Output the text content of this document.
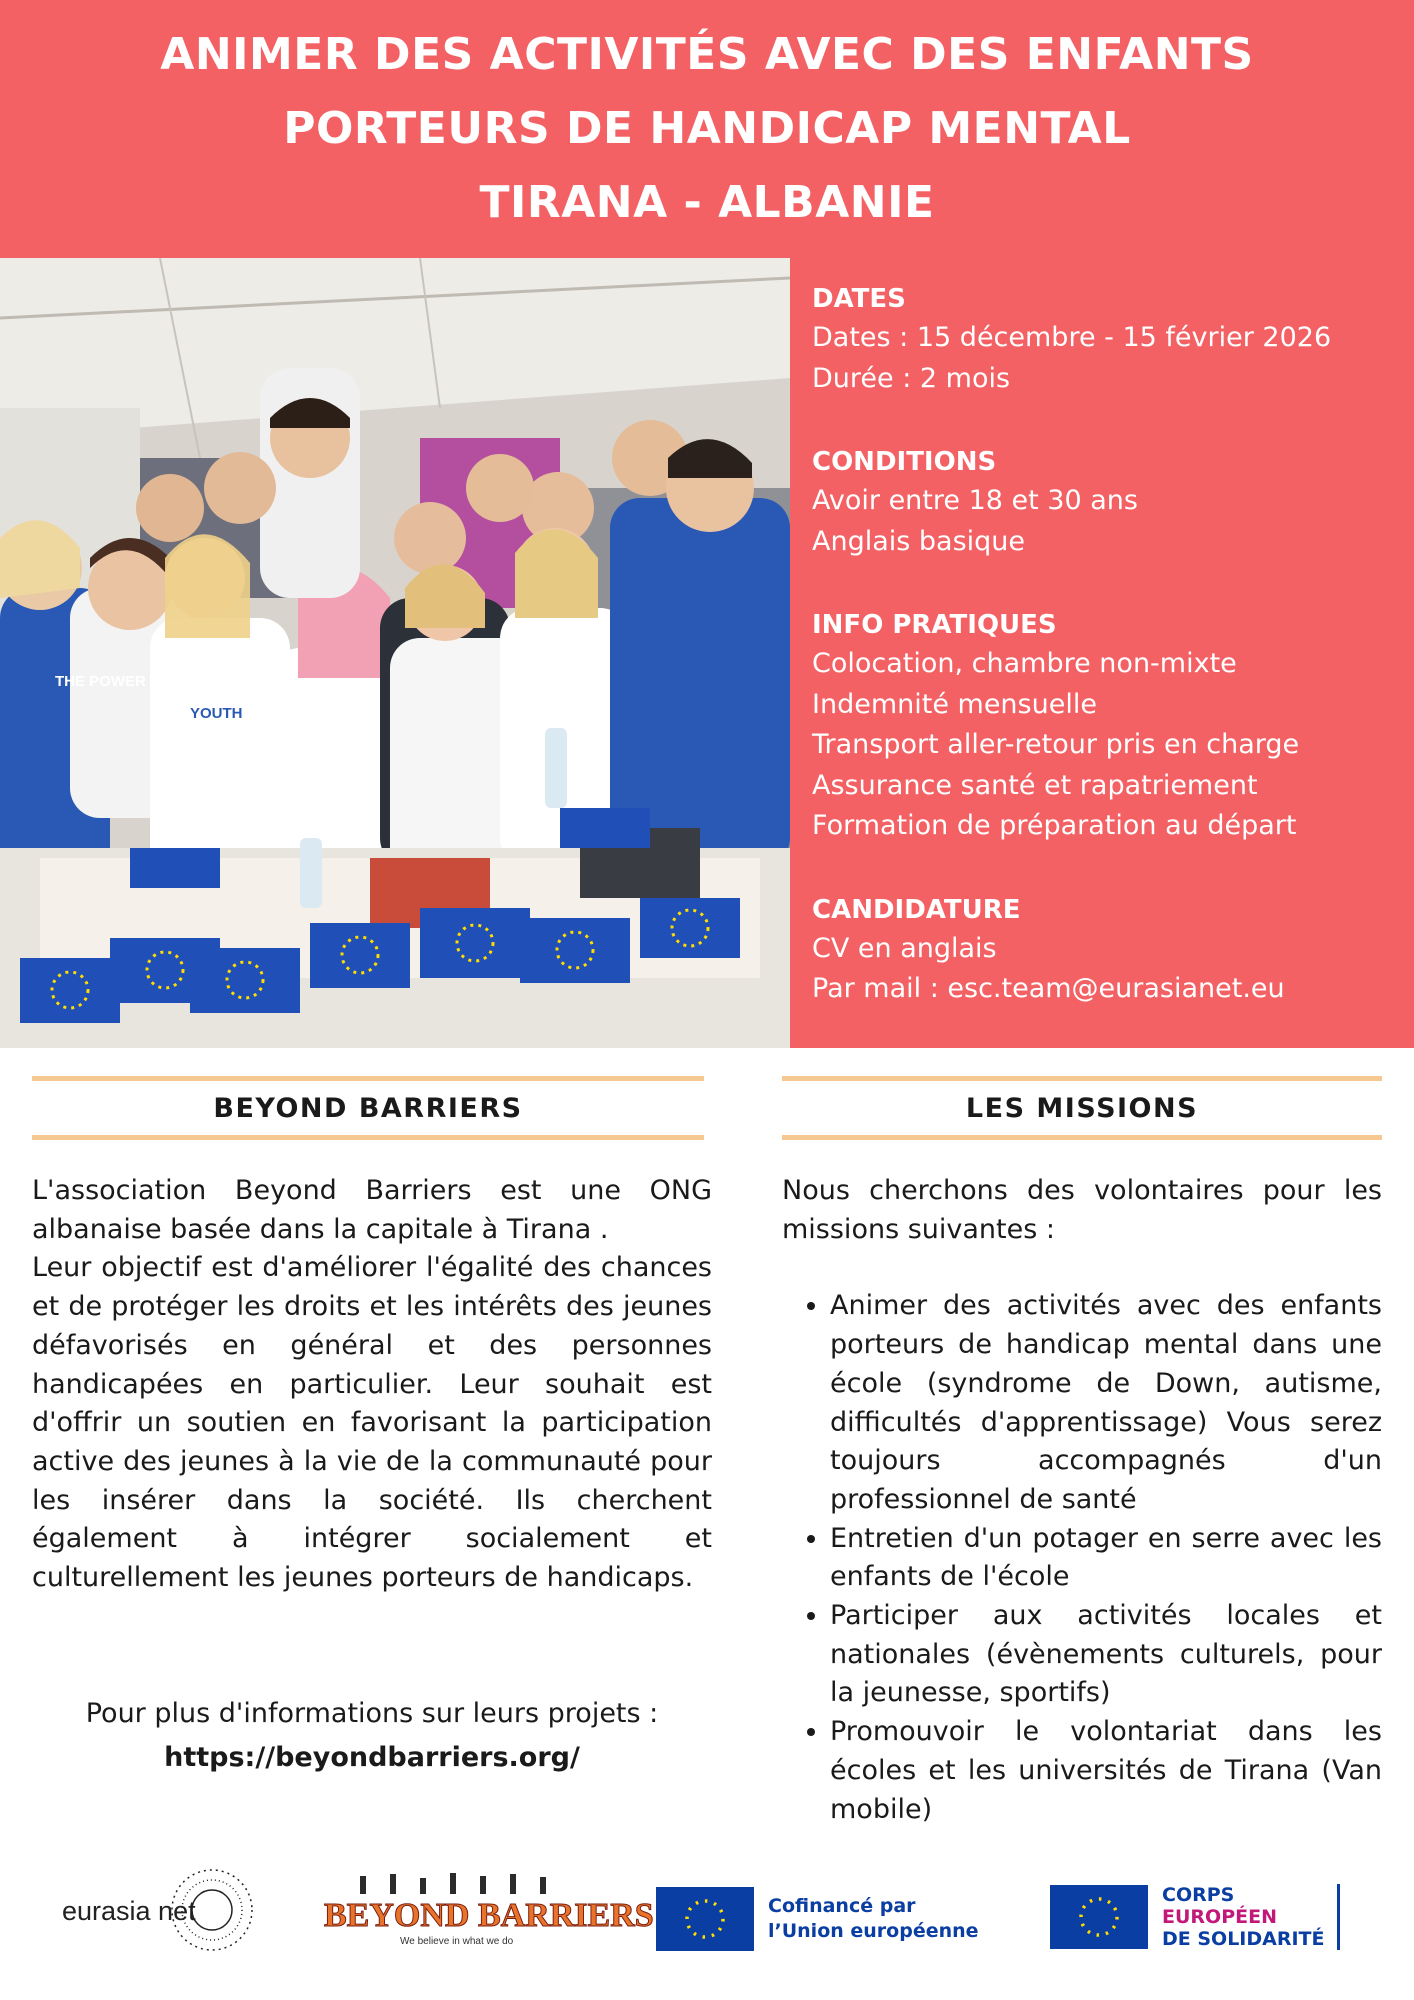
ANIMER DES ACTIVITÉS AVEC DES ENFANTS
PORTEURS DE HANDICAP MENTAL
TIRANA - ALBANIE
THE POWER OF YOUTH
YOUTH
DATES
Dates : 15 décembre - 15 février 2026
Durée : 2 mois
CONDITIONS
Avoir entre 18 et 30 ans
Anglais basique
INFO PRATIQUES
Colocation, chambre non-mixte
Indemnité mensuelle
Transport aller-retour pris en charge
Assurance santé et rapatriement
Formation de préparation au départ
CANDIDATURE
CV en anglais
Par mail : esc.team@eurasianet.eu
BEYOND BARRIERS
L'association Beyond Barriers est une ONG albanaise basée dans la capitale à Tirana .
Leur objectif est d'améliorer l'égalité des chances et de protéger les droits et les intérêts des jeunes défavorisés en général et des personnes handicapées en particulier. Leur souhait est d'offrir un soutien en favorisant la participation active des jeunes à la vie de la communauté pour les insérer dans la société. Ils cherchent également à intégrer socialement et culturellement les jeunes porteurs de handicaps.
Pour plus d'informations sur leurs projets :
https://beyondbarriers.org/
LES MISSIONS
Nous cherchons des volontaires pour les missions suivantes :
• Animer des activités avec des enfants porteurs de handicap mental dans une école (syndrome de Down, autisme, difficultés d'apprentissage) Vous serez toujours accompagnés d'un professionnel de santé
• Entretien d'un potager en serre avec les enfants de l'école
• Participer aux activités locales et nationales (évènements culturels, pour la jeunesse, sportifs)
• Promouvoir le volontariat dans les écoles et les universités de Tirana (Van mobile)
eurasia net	BEYOND BARRIERS
We believe in what we do
Cofinancé par
l’Union européenne
CORPS
EUROPÉEN
DE SOLIDARITÉ
